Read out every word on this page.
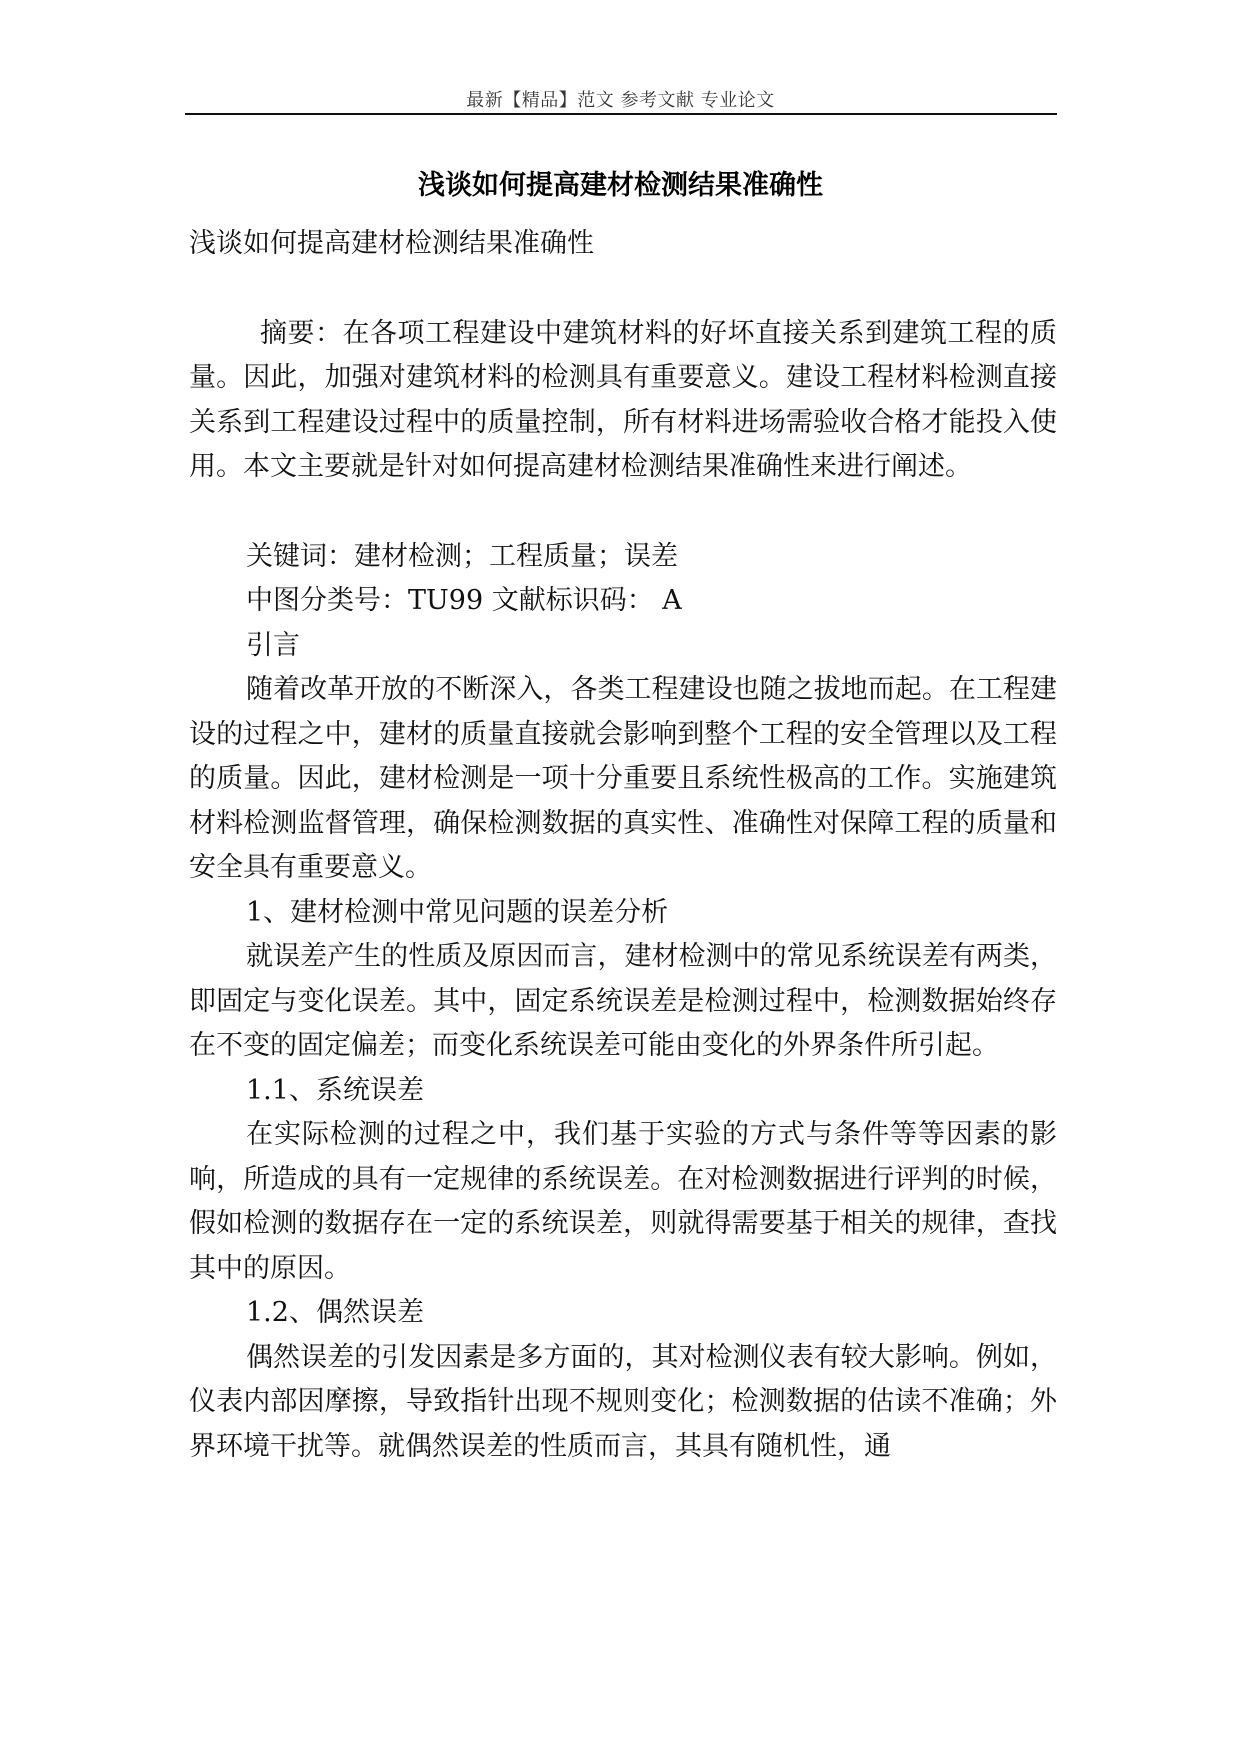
最新【精品】范文 参考文献 专业论文
浅谈如何提高建材检测结果准确性

浅谈如何提高建材检测结果准确性

摘要：在各项工程建设中建筑材料的好坏直接关系到建筑工程的质量。因此，加强对建筑材料的检测具有重要意义。建设工程材料检测直接关系到工程建设过程中的质量控制，所有材料进场需验收合格才能投入使用。本文主要就是针对如何提高建材检测结果准确性来进行阐述。

关键词：建材检测；工程质量；误差

中图分类号：TU99 文献标识码： A

引言

随着改革开放的不断深入，各类工程建设也随之拔地而起。在工程建设的过程之中，建材的质量直接就会影响到整个工程的安全管理以及工程的质量。因此，建材检测是一项十分重要且系统性极高的工作。实施建筑材料检测监督管理，确保检测数据的真实性、准确性对保障工程的质量和安全具有重要意义。

1、建材检测中常见问题的误差分析

就误差产生的性质及原因而言，建材检测中的常见系统误差有两类，即固定与变化误差。其中，固定系统误差是检测过程中，检测数据始终存在不变的固定偏差；而变化系统误差可能由变化的外界条件所引起。

1.1、系统误差

在实际检测的过程之中，我们基于实验的方式与条件等等因素的影响，所造成的具有一定规律的系统误差。在对检测数据进行评判的时候，假如检测的数据存在一定的系统误差，则就得需要基于相关的规律，查找其中的原因。

1.2、偶然误差

偶然误差的引发因素是多方面的，其对检测仪表有较大影响。例如，仪表内部因摩擦，导致指针出现不规则变化；检测数据的估读不准确；外界环境干扰等。就偶然误差的性质而言，其具有随机性，通
